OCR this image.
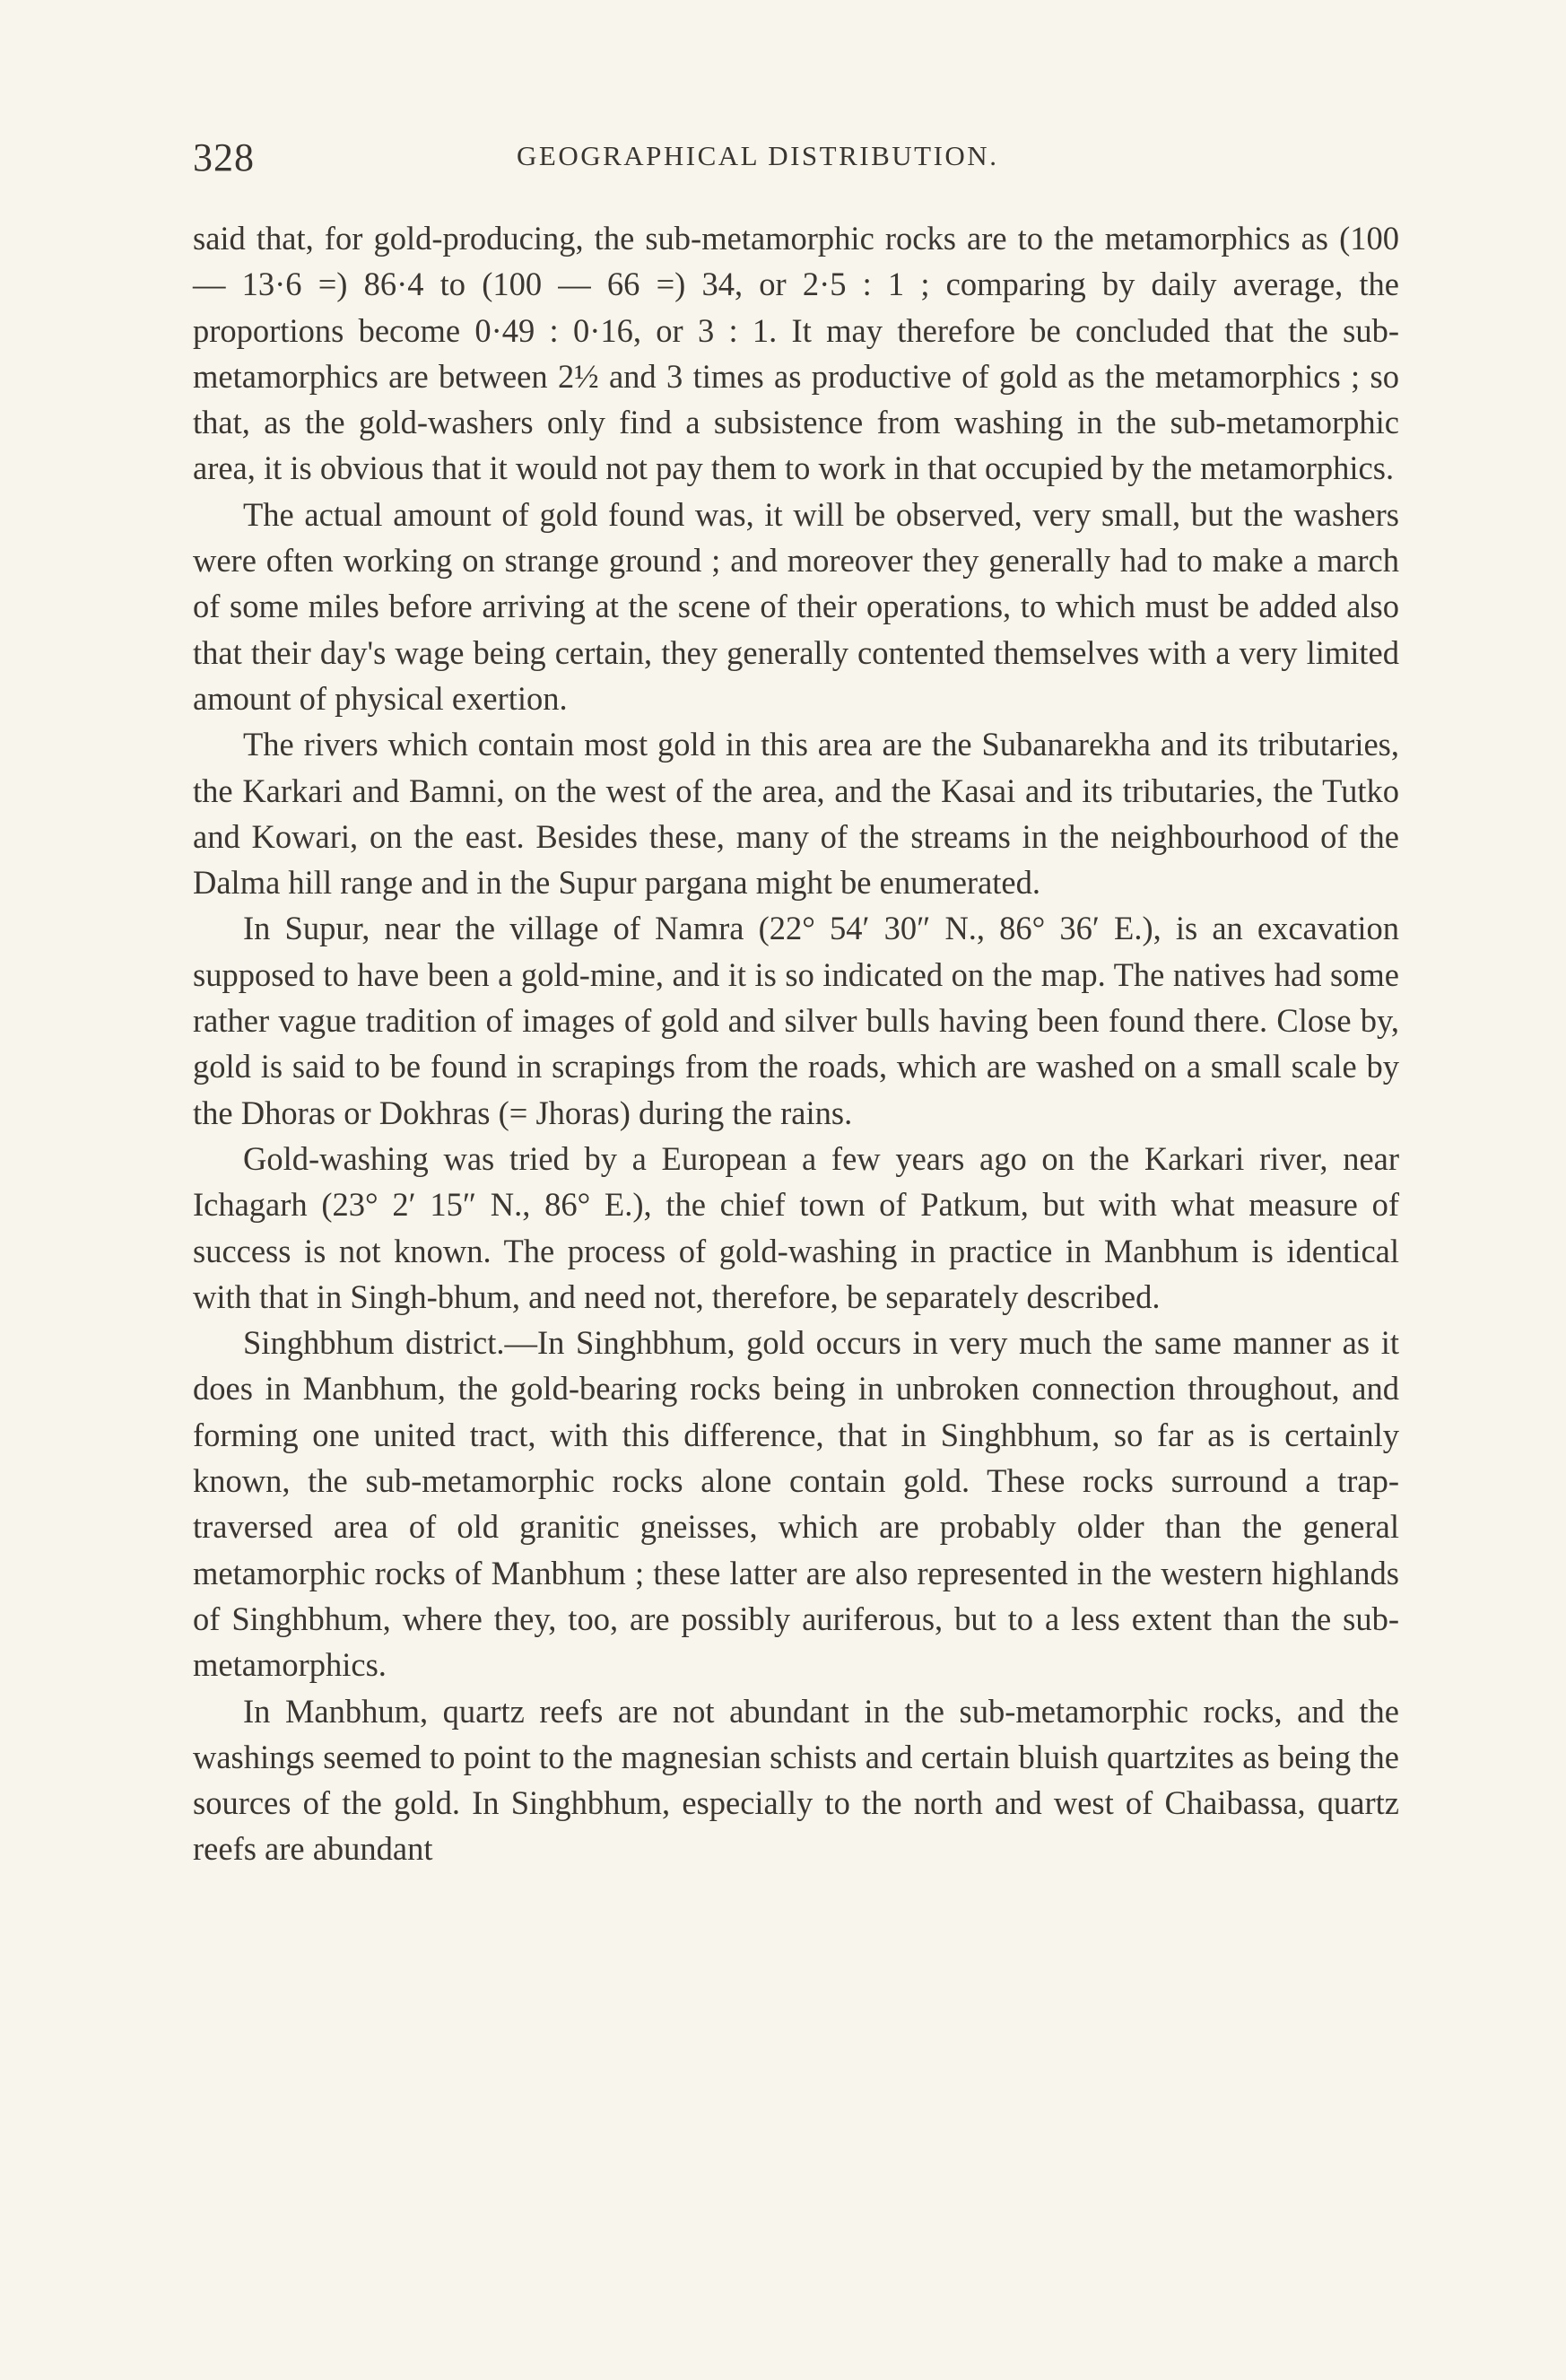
328	GEOGRAPHICAL DISTRIBUTION.

said that, for gold-producing, the sub-metamorphic rocks are to the metamorphics as (100 — 13·6 =) 86·4 to (100 — 66 =) 34, or 2·5 : 1 ; comparing by daily average, the proportions become 0·49 : 0·16, or 3 : 1. It may therefore be concluded that the sub-metamorphics are between 2½ and 3 times as productive of gold as the metamorphics ; so that, as the gold-washers only find a subsistence from washing in the sub-metamorphic area, it is obvious that it would not pay them to work in that occupied by the metamorphics.

The actual amount of gold found was, it will be observed, very small, but the washers were often working on strange ground ; and moreover they generally had to make a march of some miles before arriving at the scene of their operations, to which must be added also that their day's wage being certain, they generally contented themselves with a very limited amount of physical exertion.

The rivers which contain most gold in this area are the Subanarekha and its tributaries, the Karkari and Bamni, on the west of the area, and the Kasai and its tributaries, the Tutko and Kowari, on the east. Besides these, many of the streams in the neighbourhood of the Dalma hill range and in the Supur pargana might be enumerated.

In Supur, near the village of Namra (22° 54′ 30″ N., 86° 36′ E.), is an excavation supposed to have been a gold-mine, and it is so indicated on the map. The natives had some rather vague tradition of images of gold and silver bulls having been found there. Close by, gold is said to be found in scrapings from the roads, which are washed on a small scale by the Dhoras or Dokhras (= Jhoras) during the rains.

Gold-washing was tried by a European a few years ago on the Karkari river, near Ichagarh (23° 2′ 15″ N., 86° E.), the chief town of Patkum, but with what measure of success is not known. The process of gold-washing in practice in Manbhum is identical with that in Singh-bhum, and need not, therefore, be separately described.

Singhbhum district.—In Singhbhum, gold occurs in very much the same manner as it does in Manbhum, the gold-bearing rocks being in unbroken connection throughout, and forming one united tract, with this difference, that in Singhbhum, so far as is certainly known, the sub-metamorphic rocks alone contain gold. These rocks surround a trap-traversed area of old granitic gneisses, which are probably older than the general metamorphic rocks of Manbhum ; these latter are also represented in the western highlands of Singhbhum, where they, too, are possibly auriferous, but to a less extent than the sub-metamorphics.

In Manbhum, quartz reefs are not abundant in the sub-metamorphic rocks, and the washings seemed to point to the magnesian schists and certain bluish quartzites as being the sources of the gold. In Singhbhum, especially to the north and west of Chaibassa, quartz reefs are abundant
